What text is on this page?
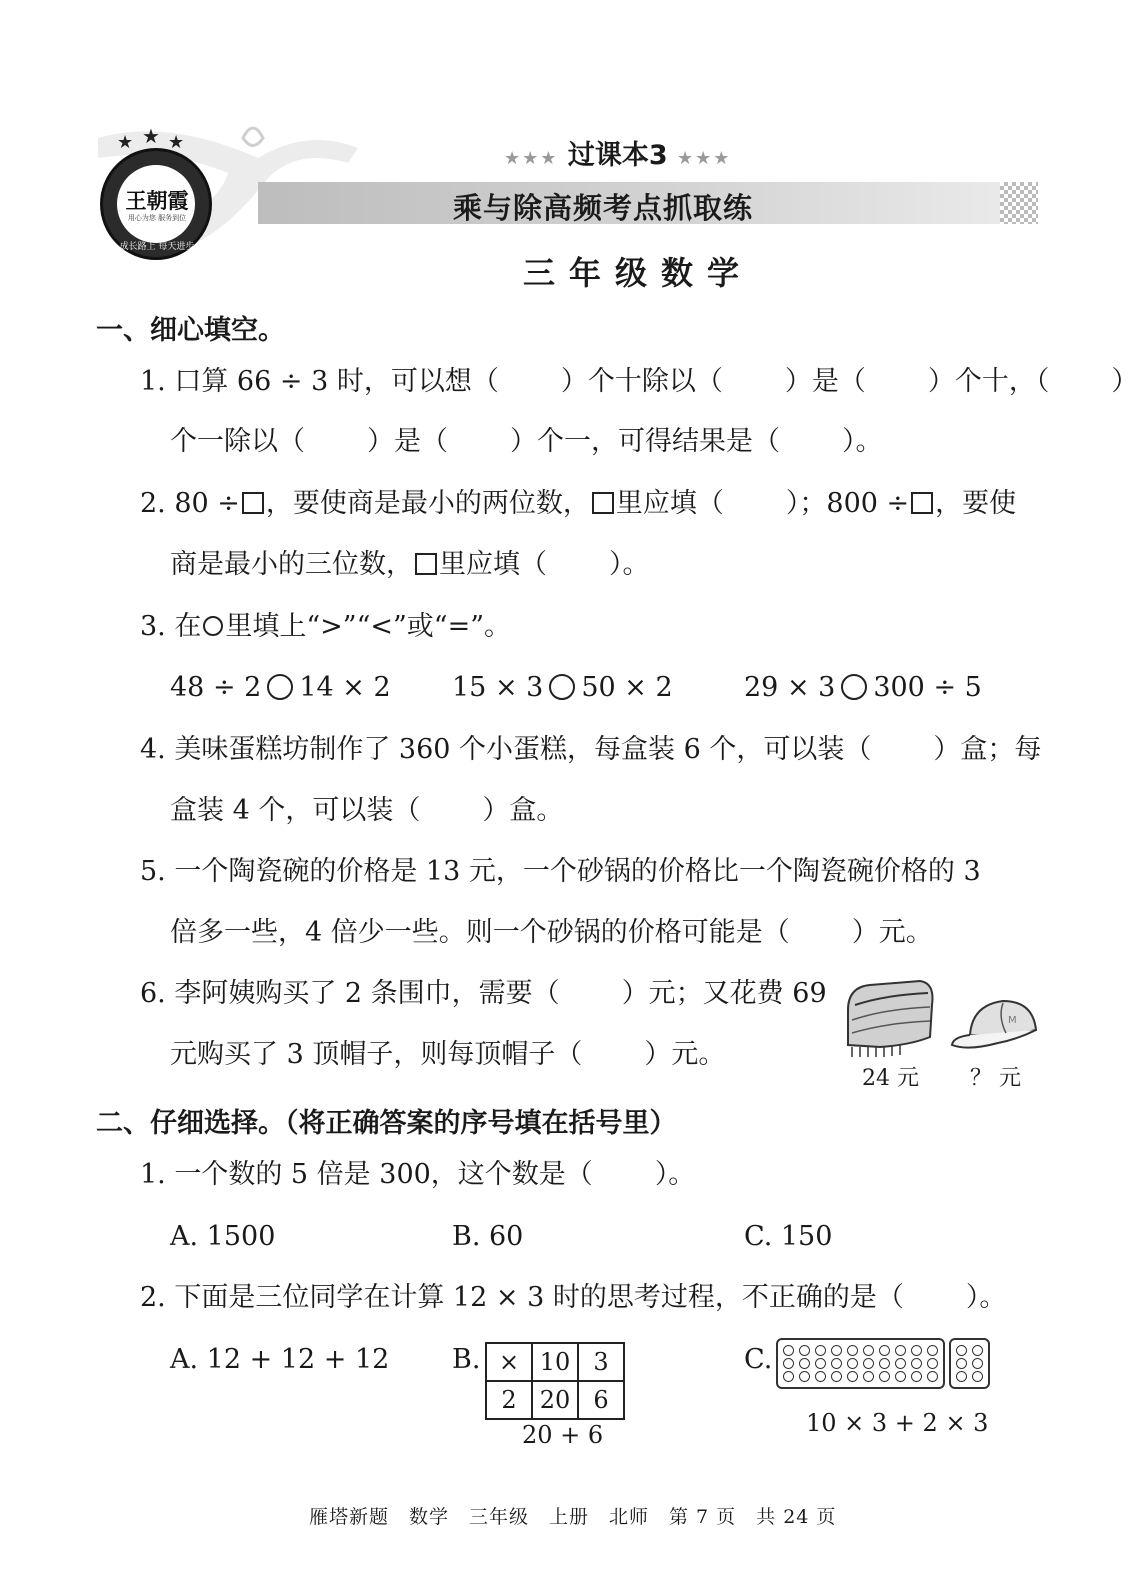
王朝霞
用心为您 服务到位
成长路上 每天进步
★ ★ ★
★★★ 过课本3 ★★★
乘与除高频考点抓取练
三年级数学
一、细心填空。
1. 口算 66 ÷ 3 时，可以想（ ）个十除以（ ）是（ ）个十，（ ）
个一除以（ ）是（ ）个一，可得结果是（ ）。
2. 80 ÷ ，要使商是最小的两位数， 里应填（ ）；800 ÷ ，要使
商是最小的三位数， 里应填（ ）。
3. 在 里填上“>”“<”或“=”。
48 ÷ 2 14 × 2 15 × 3 50 × 2	29 × 3 300 ÷ 5
4. 美味蛋糕坊制作了 360 个小蛋糕，每盒装 6 个，可以装（ ）盒；每
盒装 4 个，可以装（ ）盒。
5. 一个陶瓷碗的价格是 13 元，一个砂锅的价格比一个陶瓷碗价格的 3
倍多一些，4 倍少一些。则一个砂锅的价格可能是（ ）元。
6. 李阿姨购买了 2 条围巾，需要（ ）元；又花费 69
元购买了 3 顶帽子，则每顶帽子（ ）元。
M
24 元 ？ 元
二、仔细选择。（将正确答案的序号填在括号里）
1. 一个数的 5 倍是 300，这个数是（ ）。
A. 1500	B. 60	C. 150
2. 下面是三位同学在计算 12 × 3 时的思考过程，不正确的是（ ）。
A. 12 + 12 + 12 B. ×	10	3
2	20	6
20 + 6
C.
10 × 3 + 2 × 3
雁塔新题　数学　三年级　上册　北师　第 7 页　共 24 页
